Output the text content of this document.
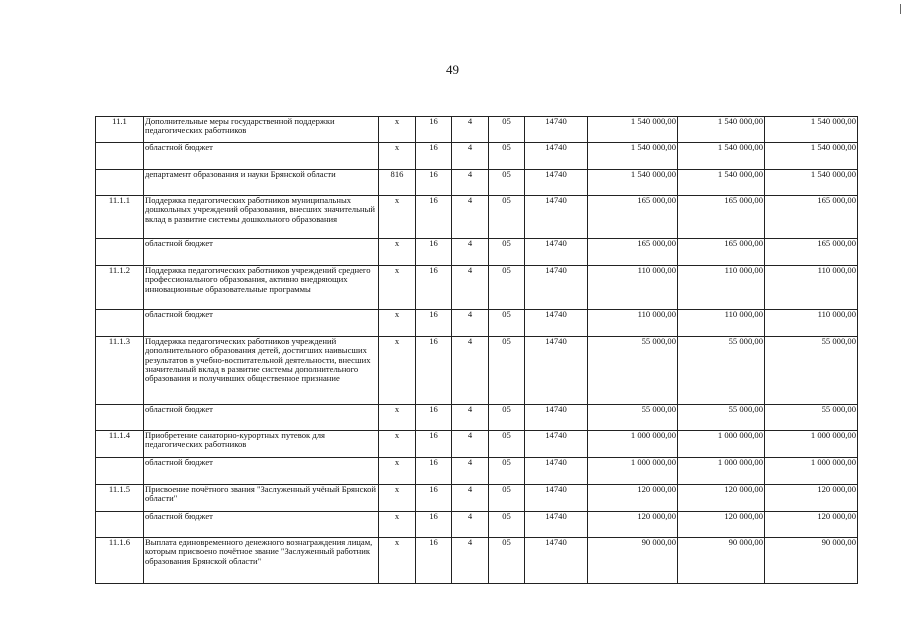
49
11.1	Дополнительные меры государственной поддержки педагогических работников	х	16	4	05	14740	1 540 000,00	1 540 000,00	1 540 000,00
	областной бюджет	х	16	4	05	14740	1 540 000,00	1 540 000,00	1 540 000,00
	департамент образования и науки Брянской области	816	16	4	05	14740	1 540 000,00	1 540 000,00	1 540 000,00
11.1.1	Поддержка педагогических работников муниципальных дошкольных учреждений образования, внесших значительный вклад в развитие системы дошкольного образования	х	16	4	05	14740	165 000,00	165 000,00	165 000,00
	областной бюджет	х	16	4	05	14740	165 000,00	165 000,00	165 000,00
11.1.2	Поддержка педагогических работников учреждений среднего профессионального образования, активно внедряющих инновационные образовательные программы	х	16	4	05	14740	110 000,00	110 000,00	110 000,00
	областной бюджет	х	16	4	05	14740	110 000,00	110 000,00	110 000,00
11.1.3	Поддержка педагогических работников учреждений дополнительного образования детей, достигших наивысших результатов в учебно-воспитательной деятельности, внесших значительный вклад в развитие системы дополнительного образования и получивших общественное признание	х	16	4	05	14740	55 000,00	55 000,00	55 000,00
	областной бюджет	х	16	4	05	14740	55 000,00	55 000,00	55 000,00
11.1.4	Приобретение санаторно-курортных путевок для педагогических работников	х	16	4	05	14740	1 000 000,00	1 000 000,00	1 000 000,00
	областной бюджет	х	16	4	05	14740	1 000 000,00	1 000 000,00	1 000 000,00
11.1.5	Присвоение почётного звания "Заслуженный учёный Брянской области"	х	16	4	05	14740	120 000,00	120 000,00	120 000,00
	областной бюджет	х	16	4	05	14740	120 000,00	120 000,00	120 000,00
11.1.6	Выплата единовременного денежного вознаграждения лицам, которым присвоено почётное звание "Заслуженный работник образования Брянской области"	х	16	4	05	14740	90 000,00	90 000,00	90 000,00
